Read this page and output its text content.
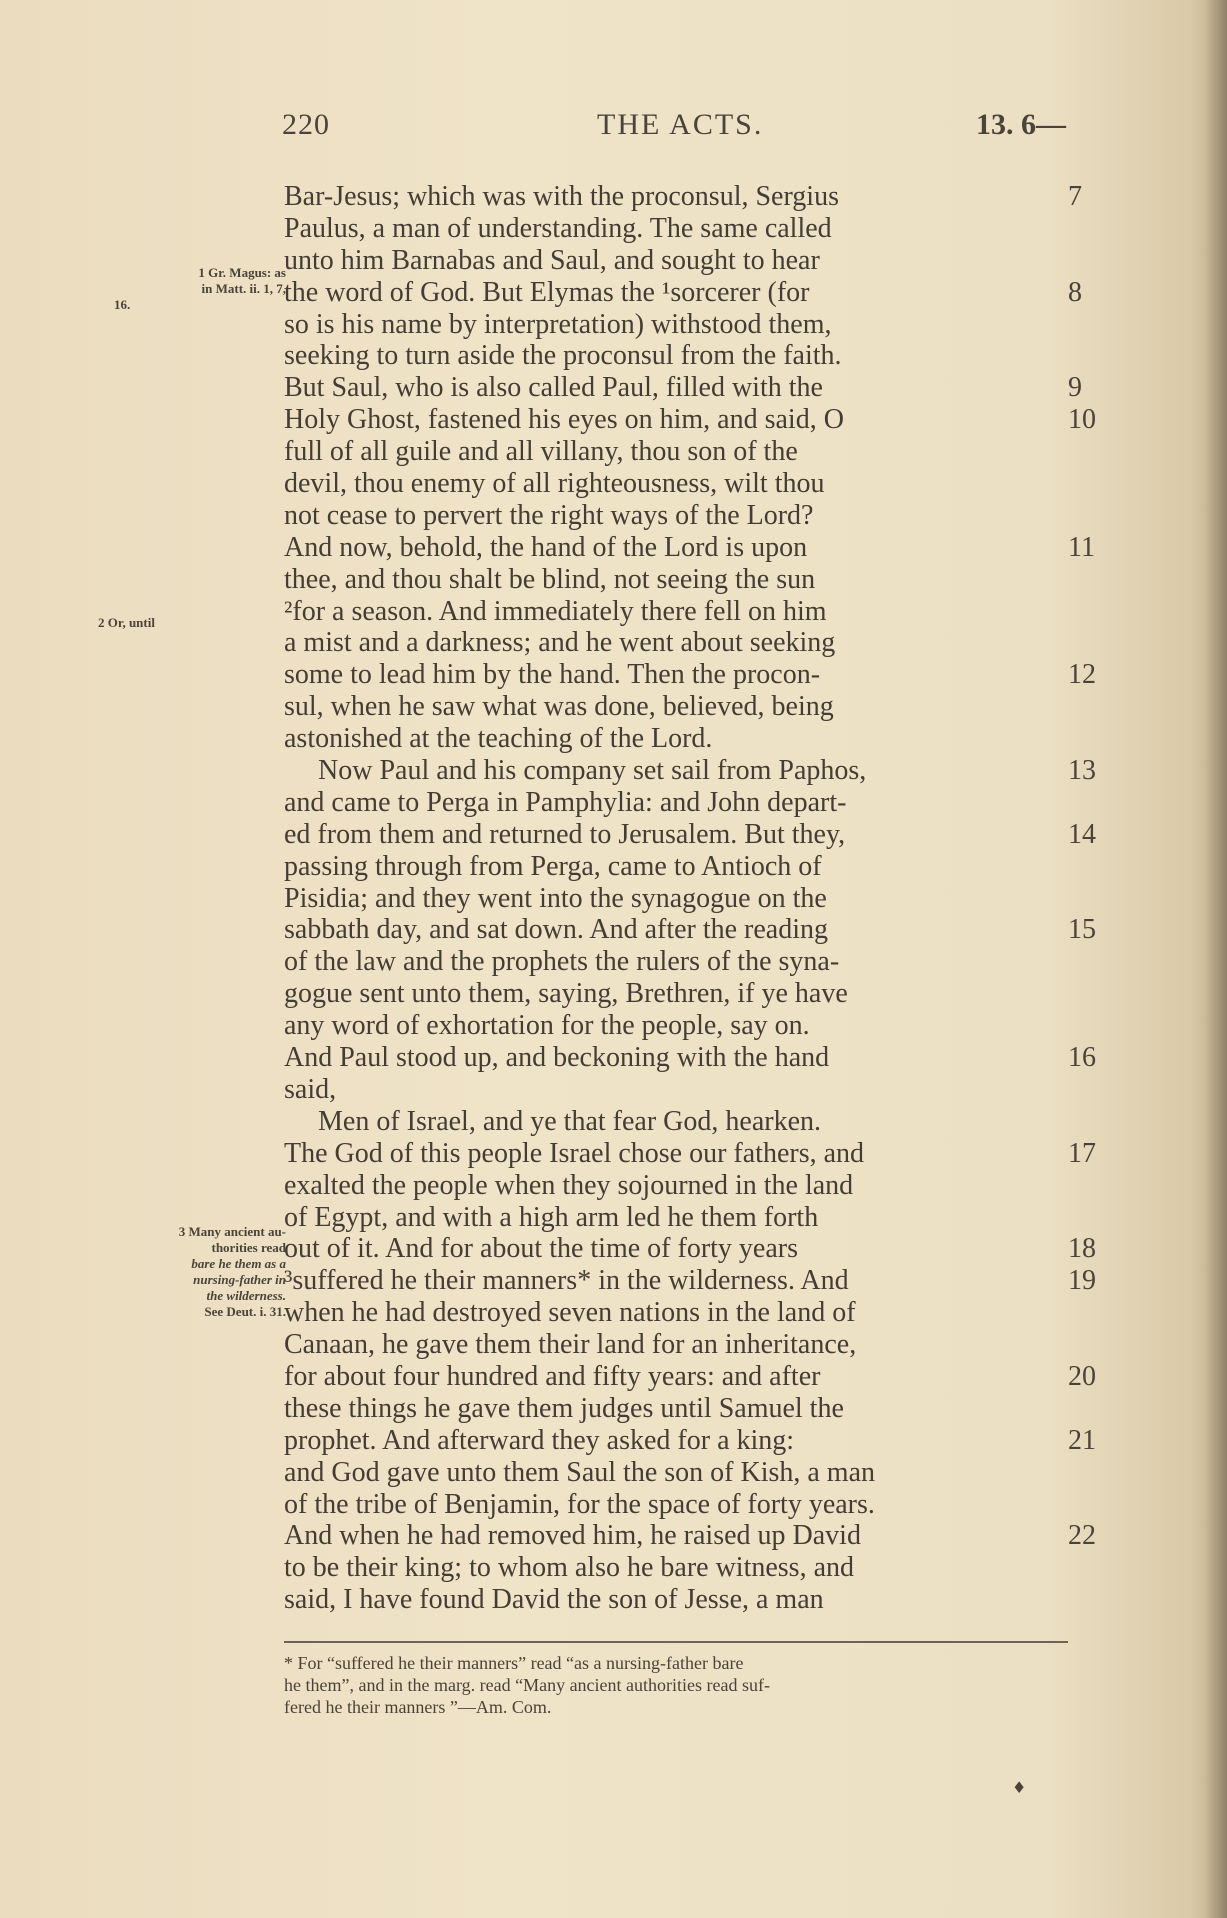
220	THE ACTS.	13. 6—
Bar-Jesus; which was with the proconsul, Sergius	7
Paulus, a man of understanding. The same called
unto him Barnabas and Saul, and sought to hear
the word of God. But Elymas the ¹sorcerer (for	8
so is his name by interpretation) withstood them,
seeking to turn aside the proconsul from the faith.
But Saul, who is also called Paul, filled with the	9
Holy Ghost, fastened his eyes on him, and said, O	10
full of all guile and all villany, thou son of the
devil, thou enemy of all righteousness, wilt thou
not cease to pervert the right ways of the Lord?
And now, behold, the hand of the Lord is upon	11
thee, and thou shalt be blind, not seeing the sun
²for a season. And immediately there fell on him
a mist and a darkness; and he went about seeking
some to lead him by the hand. Then the procon-	12
sul, when he saw what was done, believed, being
astonished at the teaching of the Lord.
Now Paul and his company set sail from Paphos,	13
and came to Perga in Pamphylia: and John depart-
ed from them and returned to Jerusalem. But they,	14
passing through from Perga, came to Antioch of
Pisidia; and they went into the synagogue on the
sabbath day, and sat down. And after the reading	15
of the law and the prophets the rulers of the syna-
gogue sent unto them, saying, Brethren, if ye have
any word of exhortation for the people, say on.
And Paul stood up, and beckoning with the hand	16
said,
Men of Israel, and ye that fear God, hearken.
The God of this people Israel chose our fathers, and	17
exalted the people when they sojourned in the land
of Egypt, and with a high arm led he them forth
out of it. And for about the time of forty years	18
³suffered he their manners* in the wilderness. And	19
when he had destroyed seven nations in the land of
Canaan, he gave them their land for an inheritance,
for about four hundred and fifty years: and after	20
these things he gave them judges until Samuel the
prophet. And afterward they asked for a king:	21
and God gave unto them Saul the son of Kish, a man
of the tribe of Benjamin, for the space of forty years.
And when he had removed him, he raised up David	22
to be their king; to whom also he bare witness, and
said, I have found David the son of Jesse, a man
1 Gr. Magus: as
in Matt. ii. 1, 7,
16.
2 Or, until
3 Many ancient au-
thorities read
bare he them as a
nursing-father in
the wilderness.
See Deut. i. 31.
* For “suffered he their manners” read “as a nursing-father bare
he them”, and in the marg. read “Many ancient authorities read suf-
fered he their manners ”—Am. Com.
♦
